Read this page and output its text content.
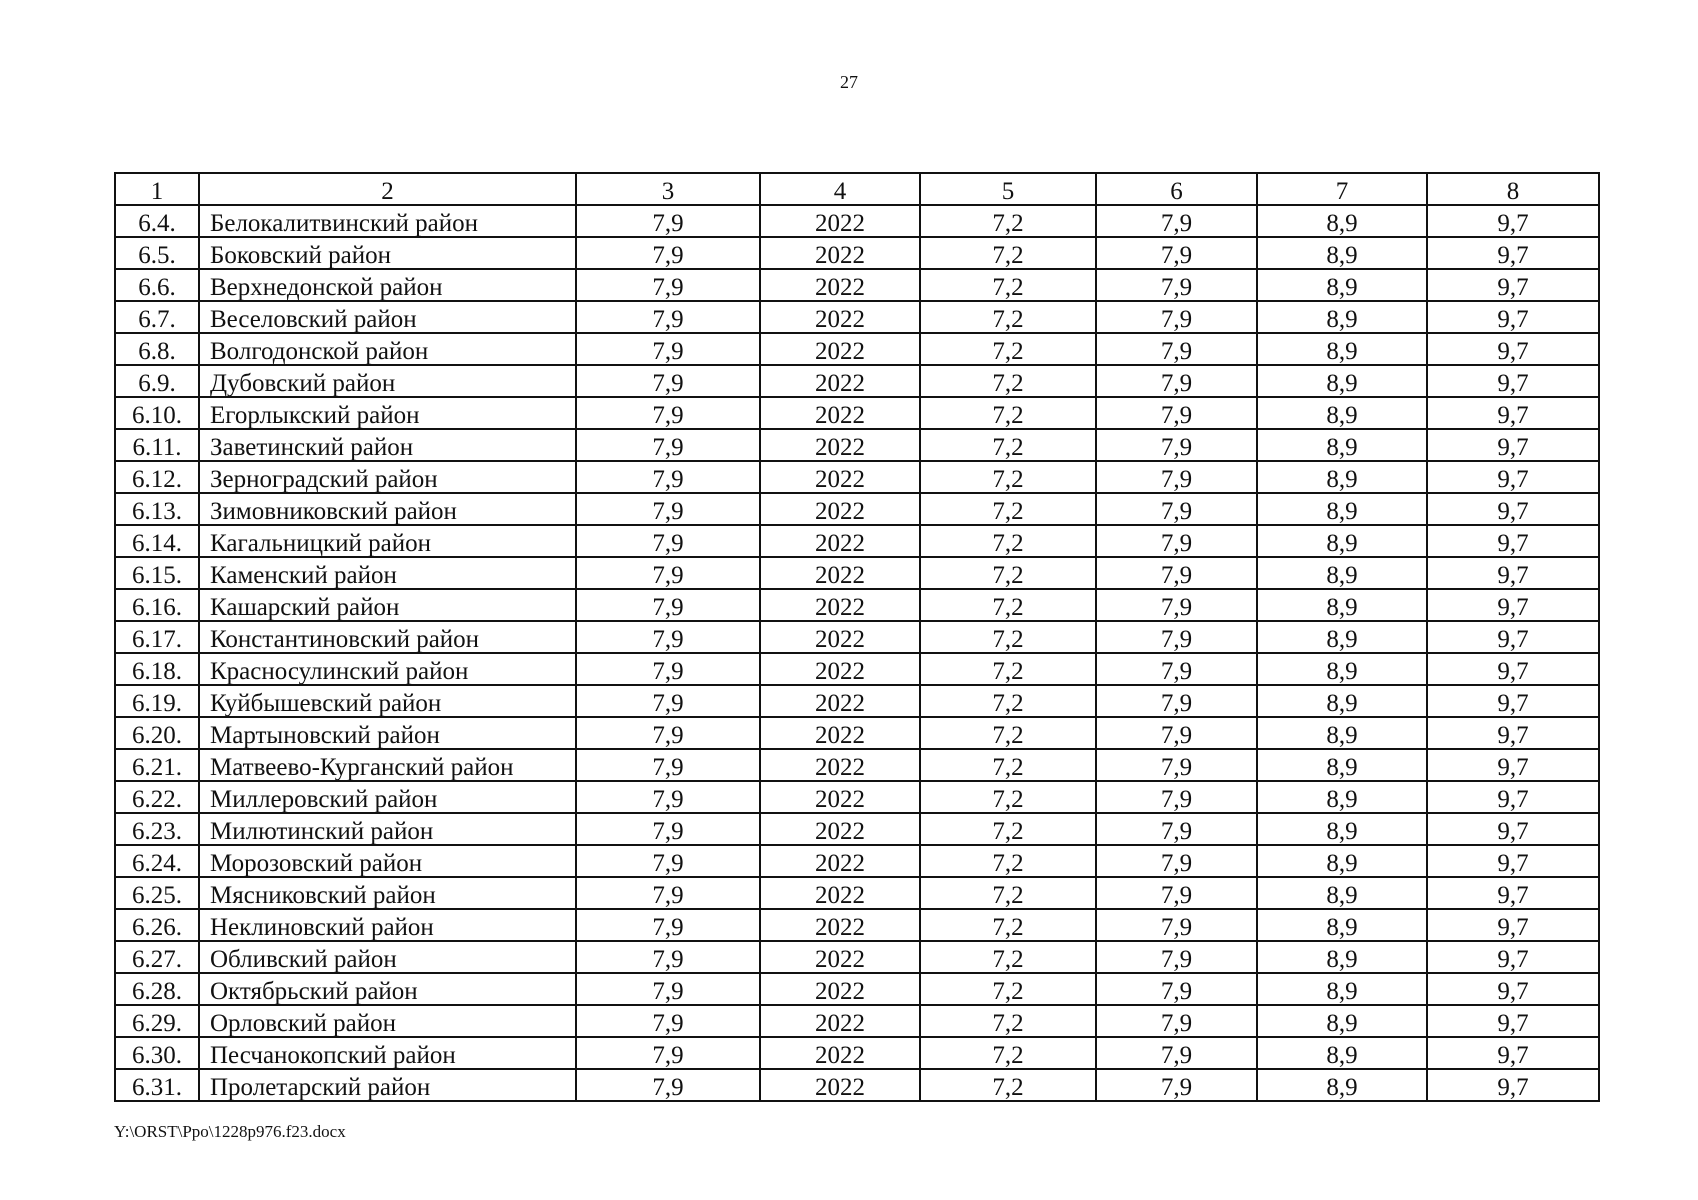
27
1	2	3	4	5	6	7	8
6.4.	Белокалитвинский район	7,9	2022	7,2	7,9	8,9	9,7
6.5.	Боковский район	7,9	2022	7,2	7,9	8,9	9,7
6.6.	Верхнедонской район	7,9	2022	7,2	7,9	8,9	9,7
6.7.	Веселовский район	7,9	2022	7,2	7,9	8,9	9,7
6.8.	Волгодонской район	7,9	2022	7,2	7,9	8,9	9,7
6.9.	Дубовский район	7,9	2022	7,2	7,9	8,9	9,7
6.10.	Егорлыкский район	7,9	2022	7,2	7,9	8,9	9,7
6.11.	Заветинский район	7,9	2022	7,2	7,9	8,9	9,7
6.12.	Зерноградский район	7,9	2022	7,2	7,9	8,9	9,7
6.13.	Зимовниковский район	7,9	2022	7,2	7,9	8,9	9,7
6.14.	Кагальницкий район	7,9	2022	7,2	7,9	8,9	9,7
6.15.	Каменский район	7,9	2022	7,2	7,9	8,9	9,7
6.16.	Кашарский район	7,9	2022	7,2	7,9	8,9	9,7
6.17.	Константиновский район	7,9	2022	7,2	7,9	8,9	9,7
6.18.	Красносулинский район	7,9	2022	7,2	7,9	8,9	9,7
6.19.	Куйбышевский район	7,9	2022	7,2	7,9	8,9	9,7
6.20.	Мартыновский район	7,9	2022	7,2	7,9	8,9	9,7
6.21.	Матвеево-Курганский район	7,9	2022	7,2	7,9	8,9	9,7
6.22.	Миллеровский район	7,9	2022	7,2	7,9	8,9	9,7
6.23.	Милютинский район	7,9	2022	7,2	7,9	8,9	9,7
6.24.	Морозовский район	7,9	2022	7,2	7,9	8,9	9,7
6.25.	Мясниковский район	7,9	2022	7,2	7,9	8,9	9,7
6.26.	Неклиновский район	7,9	2022	7,2	7,9	8,9	9,7
6.27.	Обливский район	7,9	2022	7,2	7,9	8,9	9,7
6.28.	Октябрьский район	7,9	2022	7,2	7,9	8,9	9,7
6.29.	Орловский район	7,9	2022	7,2	7,9	8,9	9,7
6.30.	Песчанокопский район	7,9	2022	7,2	7,9	8,9	9,7
6.31.	Пролетарский район	7,9	2022	7,2	7,9	8,9	9,7
Y:\ORST\Ppo\1228p976.f23.docx
